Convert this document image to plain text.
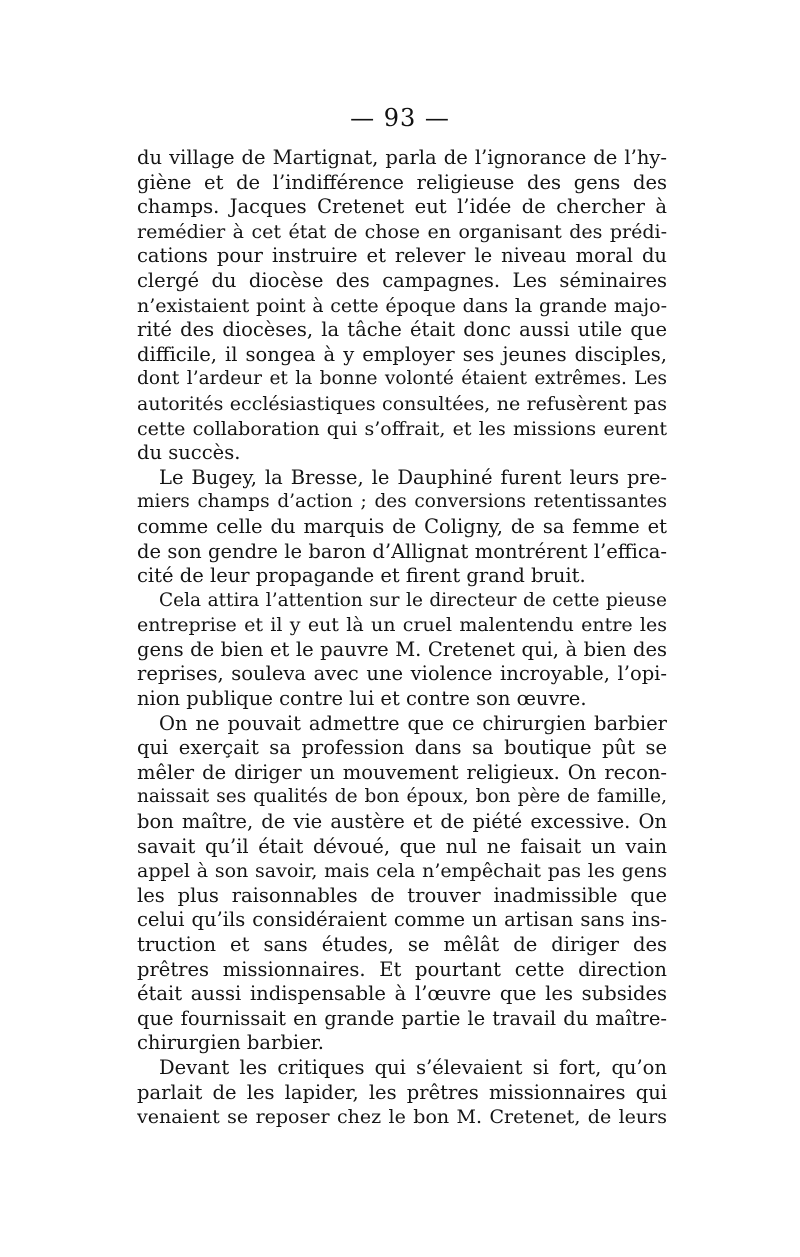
— 93 —
du village de Martignat, parla de l’ignorance de l’hy-
giène et de l’indifférence religieuse des gens des
champs. Jacques Cretenet eut l’idée de chercher à
remédier à cet état de chose en organisant des prédi-
cations pour instruire et relever le niveau moral du
clergé du diocèse des campagnes. Les séminaires
n’existaient point à cette époque dans la grande majo-
rité des diocèses, la tâche était donc aussi utile que
difficile, il songea à y employer ses jeunes disciples,
dont l’ardeur et la bonne volonté étaient extrêmes. Les
autorités ecclésiastiques consultées, ne refusèrent pas
cette collaboration qui s’offrait, et les missions eurent
du succès.
Le Bugey, la Bresse, le Dauphiné furent leurs pre-
miers champs d’action ; des conversions retentissantes
comme celle du marquis de Coligny, de sa femme et
de son gendre le baron d’Allignat montrérent l’effica-
cité de leur propagande et firent grand bruit.
Cela attira l’attention sur le directeur de cette pieuse
entreprise et il y eut là un cruel malentendu entre les
gens de bien et le pauvre M. Cretenet qui, à bien des
reprises, souleva avec une violence incroyable, l’opi-
nion publique contre lui et contre son œuvre.
On ne pouvait admettre que ce chirurgien barbier
qui exerçait sa profession dans sa boutique pût se
mêler de diriger un mouvement religieux. On recon-
naissait ses qualités de bon époux, bon père de famille,
bon maître, de vie austère et de piété excessive. On
savait qu’il était dévoué, que nul ne faisait un vain
appel à son savoir, mais cela n’empêchait pas les gens
les plus raisonnables de trouver inadmissible que
celui qu’ils considéraient comme un artisan sans ins-
truction et sans études, se mêlât de diriger des
prêtres missionnaires. Et pourtant cette direction
était aussi indispensable à l’œuvre que les subsides
que fournissait en grande partie le travail du maître-
chirurgien barbier.
Devant les critiques qui s’élevaient si fort, qu’on
parlait de les lapider, les prêtres missionnaires qui
venaient se reposer chez le bon M. Cretenet, de leurs
